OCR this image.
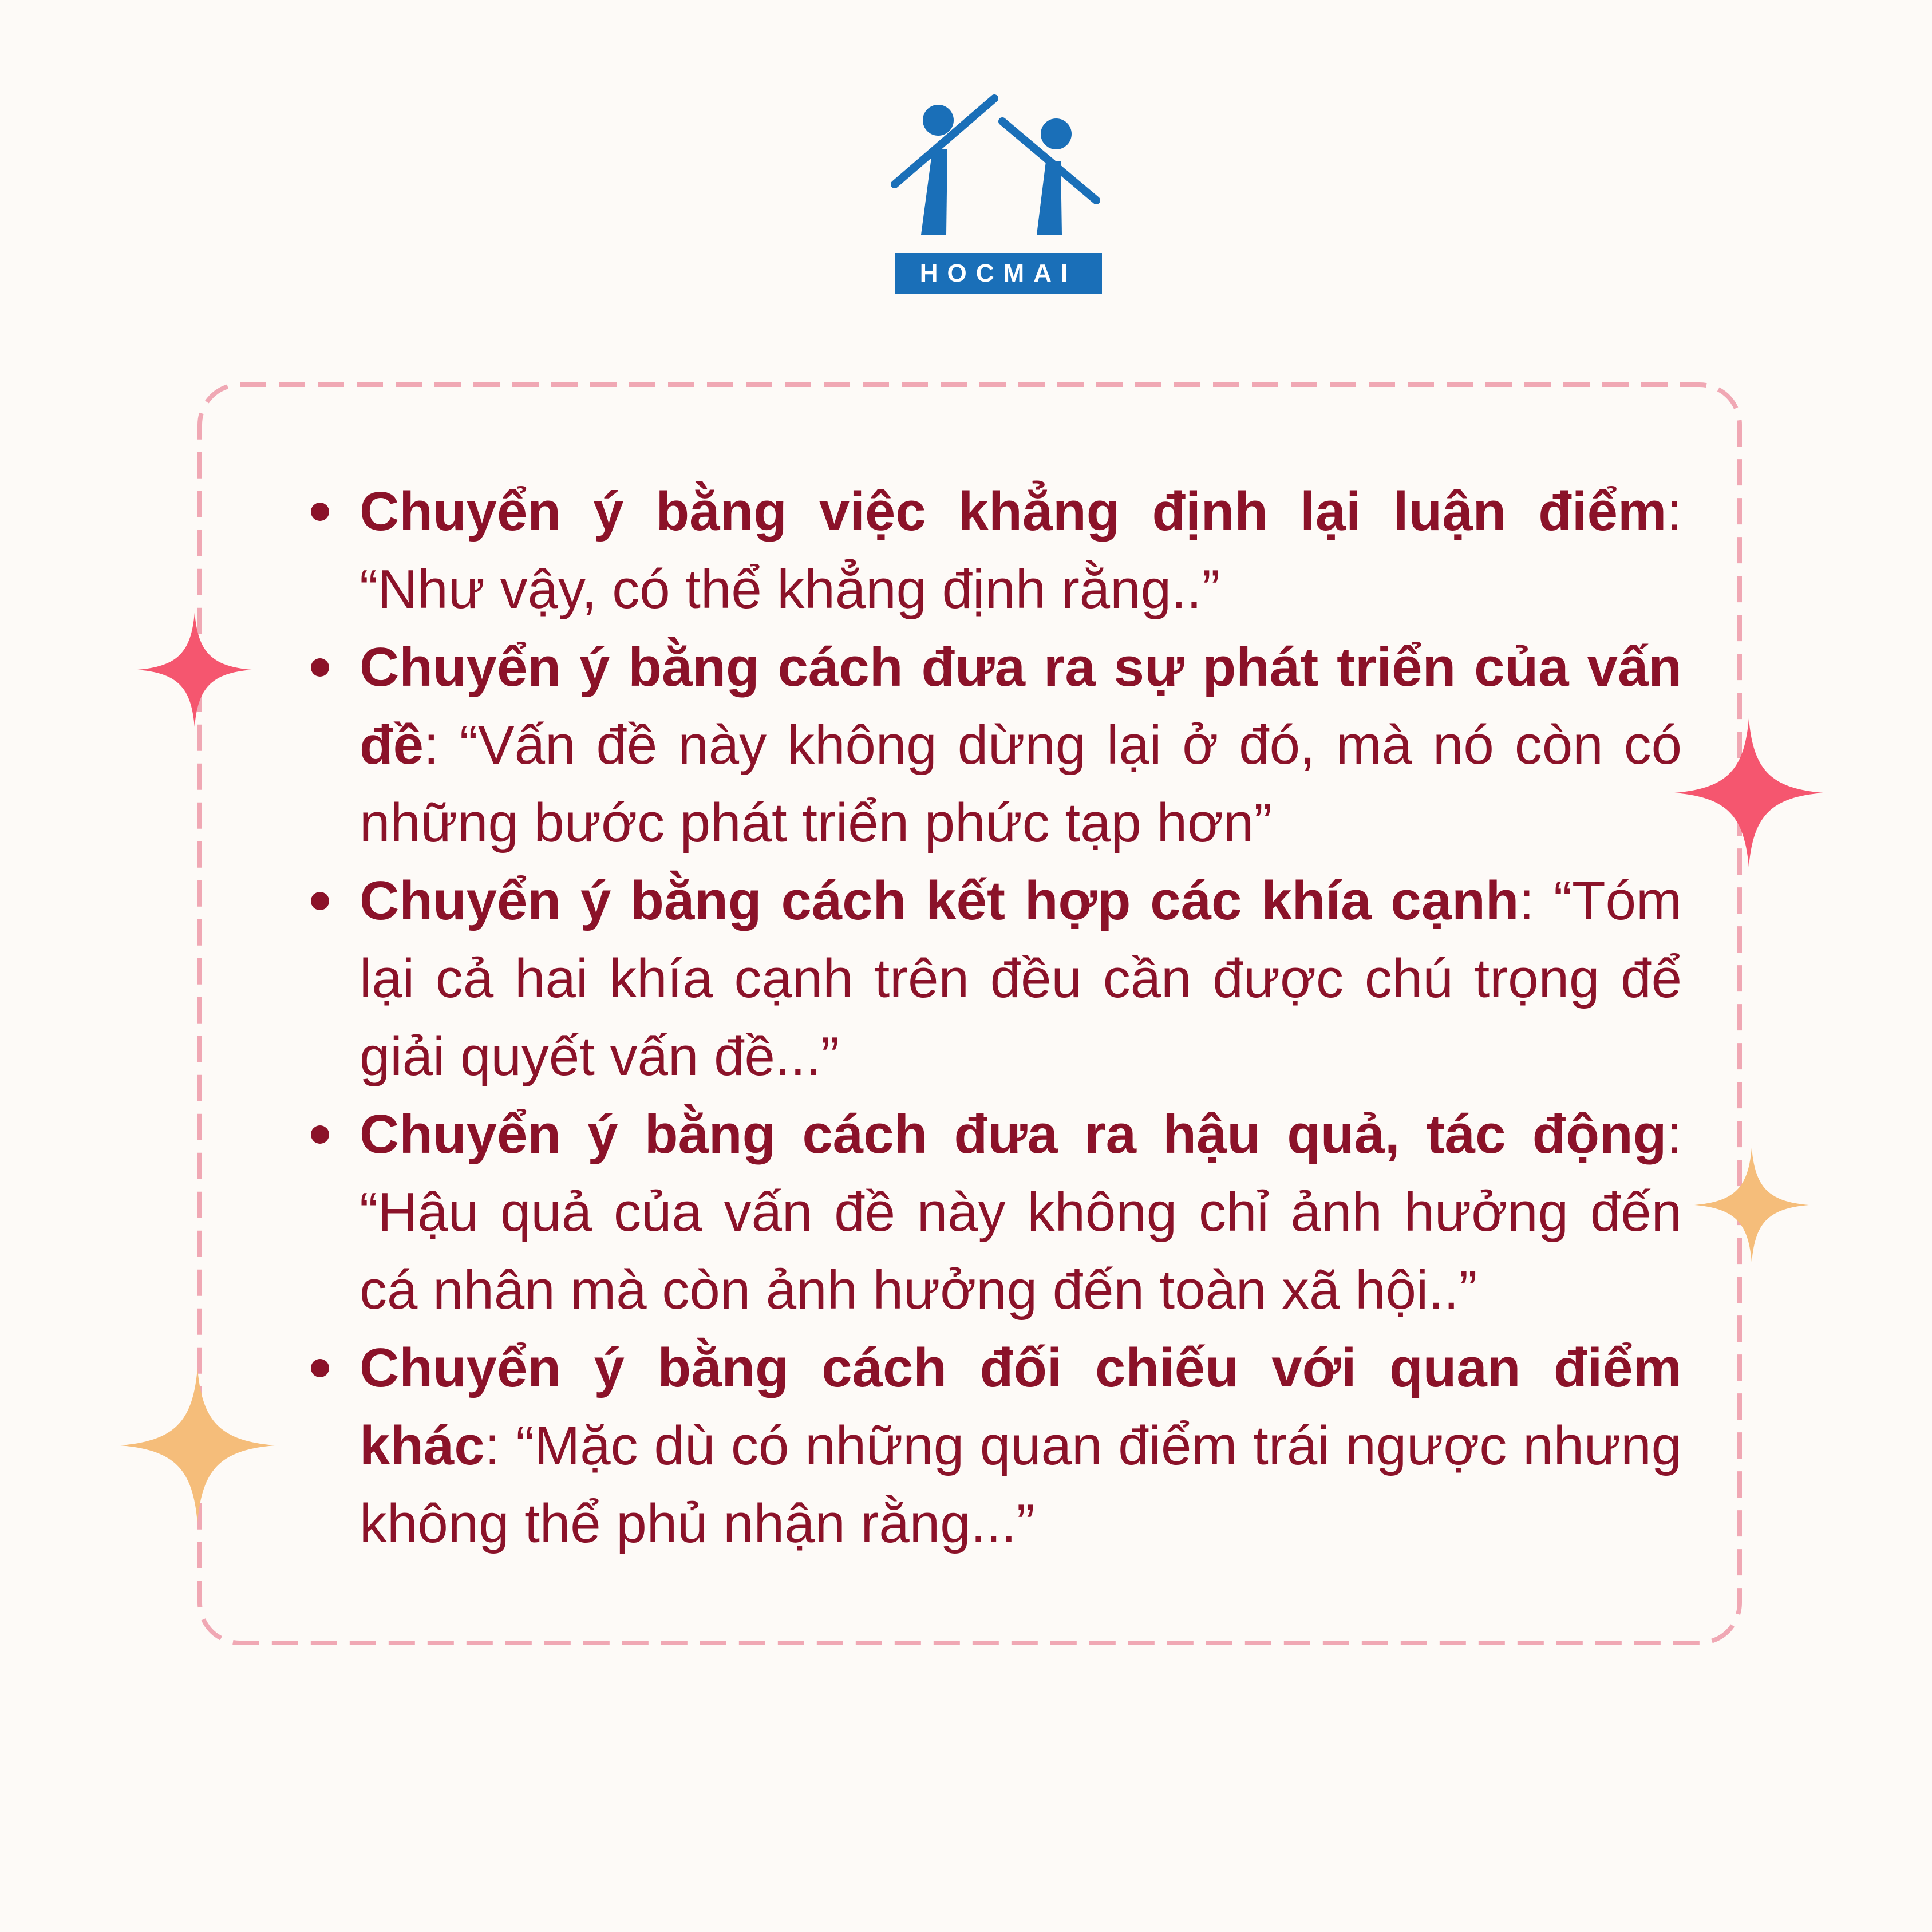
HOCMAI
Chuyển ý bằng việc khẳng định lại luận điểm: “Như vậy, có thể khẳng định rằng..”
Chuyển ý bằng cách đưa ra sự phát triển của vấn đề: “Vấn đề này không dừng lại ở đó, mà nó còn có những bước phát triển phức tạp hơn”
Chuyển ý bằng cách kết hợp các khía cạnh: “Tóm lại cả hai khía cạnh trên đều cần được chú trọng để giải quyết vấn đề...”
Chuyển ý bằng cách đưa ra hậu quả, tác động: “Hậu quả của vấn đề này không chỉ ảnh hưởng đến cá nhân mà còn ảnh hưởng đến toàn xã hội..”
Chuyển ý bằng cách đối chiếu với quan điểm khác: “Mặc dù có những quan điểm trái ngược nhưng không thể phủ nhận rằng...”
